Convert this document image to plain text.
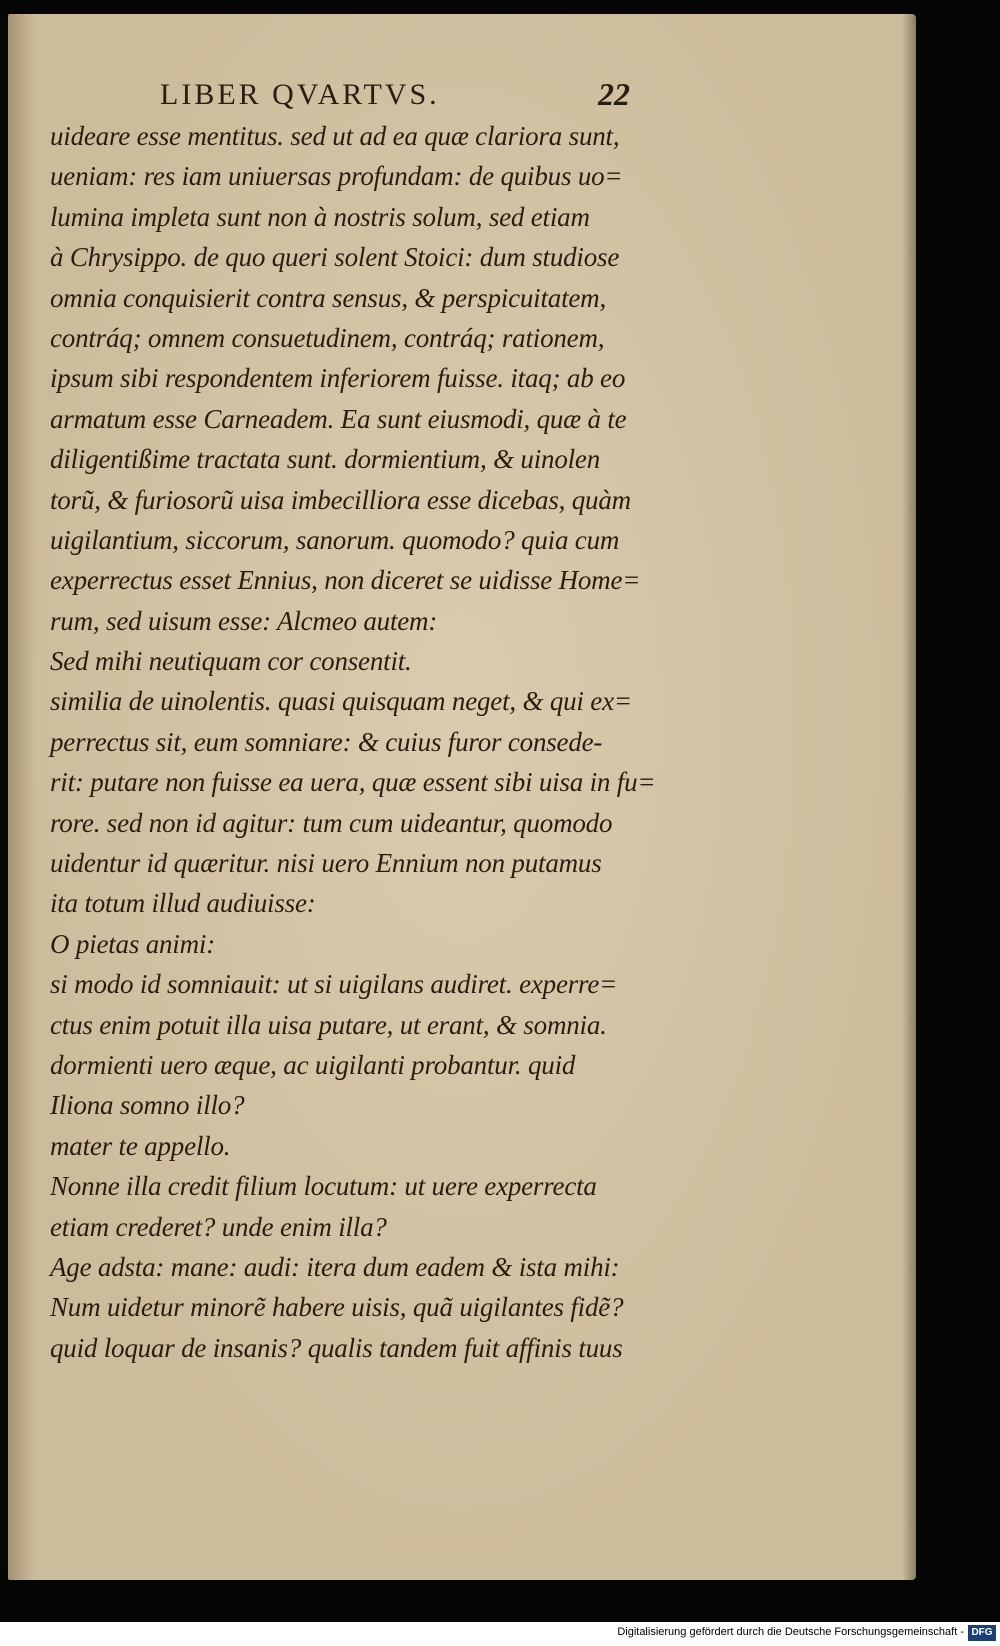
LIBER QVARTVS.	22
uideare esse mentitus. sed ut ad ea quæ clariora sunt,
ueniam: res iam uniuersas profundam: de quibus uo=
lumina impleta sunt non à nostris solum, sed etiam
à Chrysippo. de quo queri solent Stoici: dum studiose
omnia conquisierit contra sensus, & perspicuitatem,
contráq; omnem consuetudinem, contráq; rationem,
ipsum sibi respondentem inferiorem fuisse. itaq; ab eo
armatum esse Carneadem. Ea sunt eiusmodi, quæ à te
diligentißime tractata sunt. dormientium, & uinolen
torũ, & furiosorũ uisa imbecilliora esse dicebas, quàm
uigilantium, siccorum, sanorum. quomodo? quia cum
experrectus esset Ennius, non diceret se uidisse Home=
rum, sed uisum esse: Alcmeo autem:
Sed mihi neutiquam cor consentit.
similia de uinolentis. quasi quisquam neget, & qui ex=
perrectus sit, eum somniare: & cuius furor consede-
rit: putare non fuisse ea uera, quæ essent sibi uisa in fu=
rore. sed non id agitur: tum cum uideantur, quomodo
uidentur id quæritur. nisi uero Ennium non putamus
ita totum illud audiuisse:
O pietas animi:
si modo id somniauit: ut si uigilans audiret. experre=
ctus enim potuit illa uisa putare, ut erant, & somnia.
dormienti uero æque, ac uigilanti probantur. quid
Iliona somno illo?
mater te appello.
Nonne illa credit filium locutum: ut uere experrecta
etiam crederet? unde enim illa?
Age adsta: mane: audi: itera dum eadem & ista mihi:
Num uidetur minorẽ habere uisis, quã uigilantes fidẽ?
quid loquar de insanis? qualis tandem fuit affinis tuus
Digitalisierung gefördert durch die Deutsche Forschungsgemeinschaft - DFG
